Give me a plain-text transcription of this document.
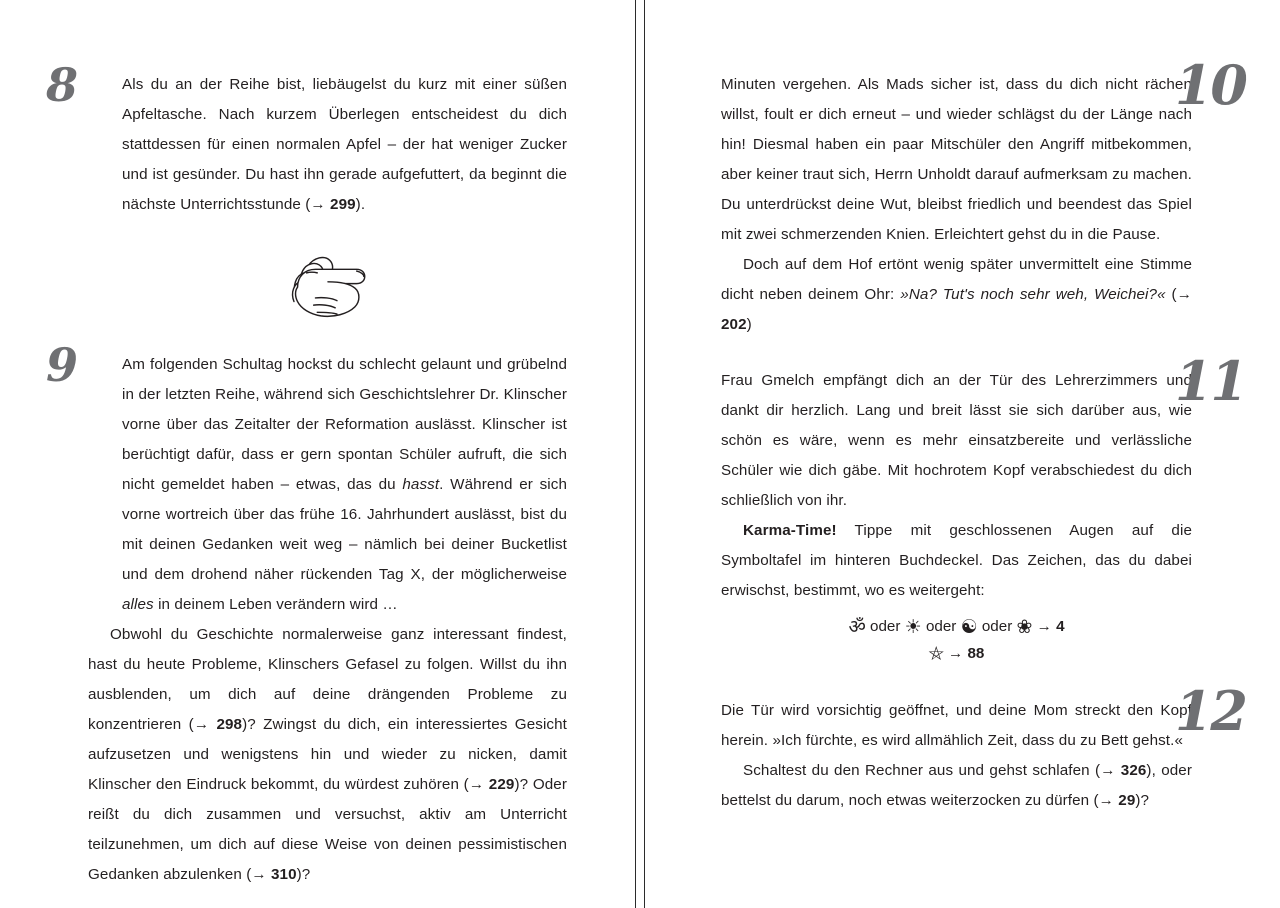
8	Als du an der Reihe bist, liebäugelst du kurz mit einer süßen Apfeltasche. Nach kurzem Überlegen entscheidest du dich stattdessen für einen normalen Apfel – der hat weniger Zucker und ist gesünder. Du hast ihn gerade aufgefuttert, da beginnt die nächste Unterrichtsstunde (→ 299).

9	Am folgenden Schultag hockst du schlecht gelaunt und grübelnd in der letzten Reihe, während sich Geschichtslehrer Dr. Klinscher vorne über das Zeitalter der Reformation auslässt. Klinscher ist berüchtigt dafür, dass er gern spontan Schüler aufruft, die sich nicht gemeldet haben – etwas, das du hasst. Während er sich vorne wortreich über das frühe 16. Jahrhundert auslässt, bist du mit deinen Gedanken weit weg – nämlich bei deiner Bucketlist und dem drohend näher rückenden Tag X, der möglicherweise alles in deinem Leben verändern wird …

Obwohl du Geschichte normalerweise ganz interessant findest, hast du heute Probleme, Klinschers Gefasel zu folgen. Willst du ihn ausblenden, um dich auf deine drängenden Probleme zu konzentrieren (→ 298)? Zwingst du dich, ein interessiertes Gesicht aufzusetzen und wenigstens hin und wieder zu nicken, damit Klinscher den Eindruck bekommt, du würdest zuhören (→ 229)? Oder reißt du dich zusammen und versuchst, aktiv am Unterricht teilzunehmen, um dich auf diese Weise von deinen pessimistischen Gedanken abzulenken (→ 310)?

10

Minuten vergehen. Als Mads sicher ist, dass du dich nicht rächen willst, foult er dich erneut – und wieder schlägst du der Länge nach hin! Diesmal haben ein paar Mitschüler den Angriff mitbekommen, aber keiner traut sich, Herrn Unholdt darauf aufmerksam zu machen. Du unterdrückst deine Wut, bleibst friedlich und beendest das Spiel mit zwei schmerzenden Knien. Erleichtert gehst du in die Pause.

Doch auf dem Hof ertönt wenig später unvermittelt eine Stimme dicht neben deinem Ohr: »Na? Tut's noch sehr weh, Weichei?« (→ 202)

11

Frau Gmelch empfängt dich an der Tür des Lehrerzimmers und dankt dir herzlich. Lang und breit lässt sie sich darüber aus, wie schön es wäre, wenn es mehr einsatzbereite und verlässliche Schüler wie dich gäbe. Mit hochrotem Kopf verabschiedest du dich schließlich von ihr.

Karma-Time! Tippe mit geschlossenen Augen auf die Symboltafel im hinteren Buchdeckel. Das Zeichen, das du dabei erwischst, bestimmt, wo es weitergeht:

ॐ oder ☀ oder ☯ oder ❀ → 4
⛤ → 88
12

Die Tür wird vorsichtig geöffnet, und deine Mom streckt den Kopf herein. »Ich fürchte, es wird allmählich Zeit, dass du zu Bett gehst.«

Schaltest du den Rechner aus und gehst schlafen (→ 326), oder bettelst du darum, noch etwas weiterzocken zu dürfen (→ 29)?
